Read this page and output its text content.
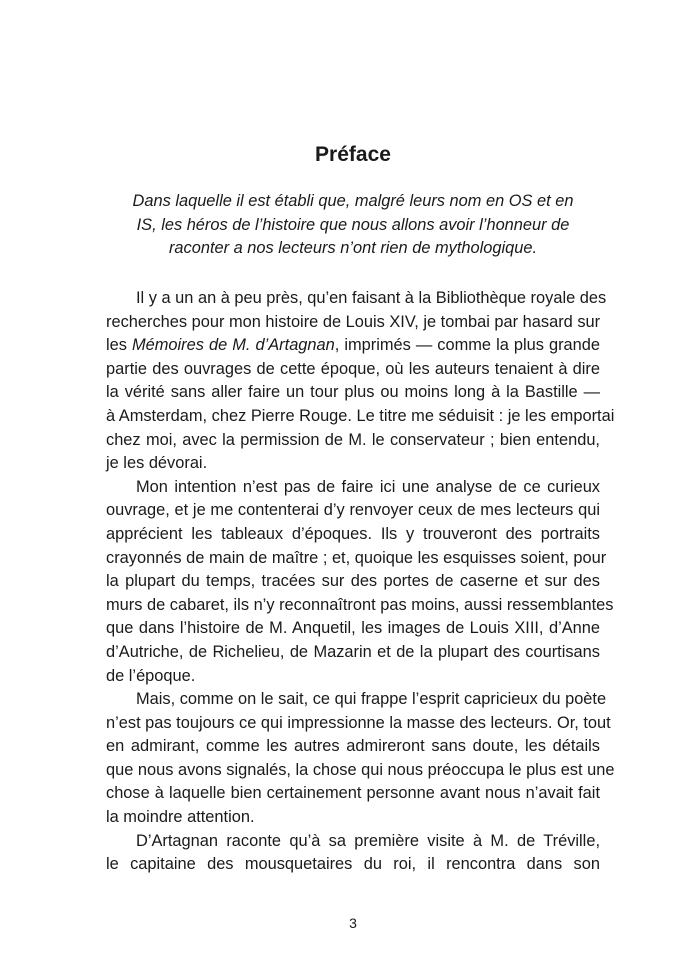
Préface
Dans laquelle il est établi que, malgré leurs nom en OS et en
IS, les héros de l’histoire que nous allons avoir l’honneur de
raconter a nos lecteurs n’ont rien de mythologique.
Il y a un an à peu près, qu’en faisant à la Bibliothèque royale des
recherches pour mon histoire de Louis XIV, je tombai par hasard sur
les Mémoires de M. d’Artagnan, imprimés — comme la plus grande
partie des ouvrages de cette époque, où les auteurs tenaient à dire
la vérité sans aller faire un tour plus ou moins long à la Bastille —
à Amsterdam, chez Pierre Rouge. Le titre me séduisit : je les emportai
chez moi, avec la permission de M. le conservateur ; bien entendu,
je les dévorai.
Mon intention n’est pas de faire ici une analyse de ce curieux
ouvrage, et je me contenterai d’y renvoyer ceux de mes lecteurs qui
apprécient les tableaux d’époques. Ils y trouveront des portraits
crayonnés de main de maître ; et, quoique les esquisses soient, pour
la plupart du temps, tracées sur des portes de caserne et sur des
murs de cabaret, ils n’y reconnaîtront pas moins, aussi ressemblantes
que dans l’histoire de M. Anquetil, les images de Louis XIII, d’Anne
d’Autriche, de Richelieu, de Mazarin et de la plupart des courtisans
de l’époque.
Mais, comme on le sait, ce qui frappe l’esprit capricieux du poète
n’est pas toujours ce qui impressionne la masse des lecteurs. Or, tout
en admirant, comme les autres admireront sans doute, les détails
que nous avons signalés, la chose qui nous préoccupa le plus est une
chose à laquelle bien certainement personne avant nous n’avait fait
la moindre attention.
D’Artagnan raconte qu’à sa première visite à M. de Tréville,
le capitaine des mousquetaires du roi, il rencontra dans son
3
